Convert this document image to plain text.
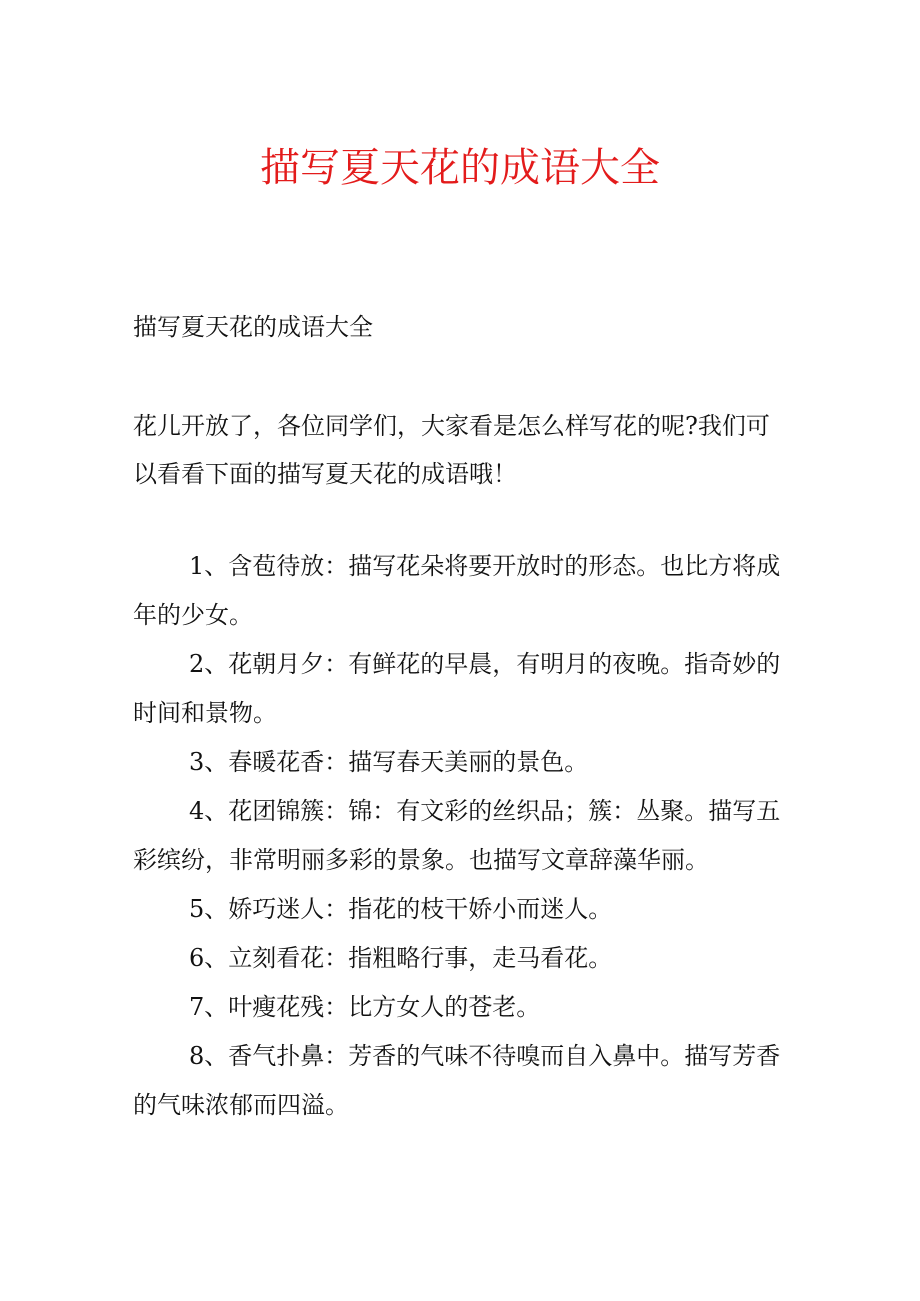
描写夏天花的成语大全

描写夏天花的成语大全

花儿开放了，各位同学们，大家看是怎么样写花的呢?我们可以看看下面的描写夏天花的成语哦！

1、含苞待放：描写花朵将要开放时的形态。也比方将成年的少女。
2、花朝月夕：有鲜花的早晨，有明月的夜晚。指奇妙的时间和景物。
3、春暖花香：描写春天美丽的景色。
4、花团锦簇：锦：有文彩的丝织品；簇：丛聚。描写五彩缤纷，非常明丽多彩的景象。也描写文章辞藻华丽。
5、娇巧迷人：指花的枝干娇小而迷人。
6、立刻看花：指粗略行事，走马看花。
7、叶瘦花残：比方女人的苍老。
8、香气扑鼻：芳香的气味不待嗅而自入鼻中。描写芳香的气味浓郁而四溢。
